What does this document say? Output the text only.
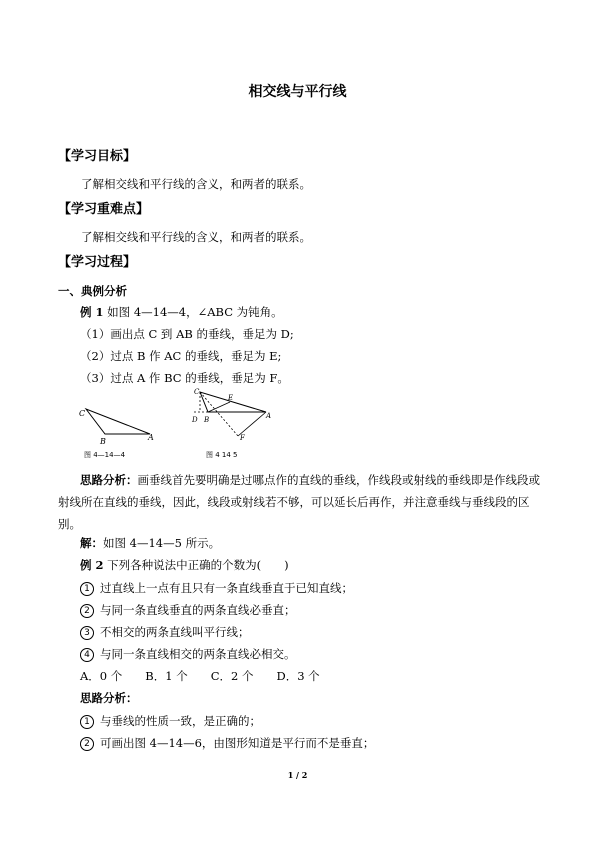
相交线与平行线
【学习目标】
了解相交线和平行线的含义，和两者的联系。
【学习重难点】
了解相交线和平行线的含义，和两者的联系。
【学习过程】
一、典例分析
例 1 如图 4—14—4，∠ABC 为钝角。
（1）画出点 C 到 AB 的垂线，垂足为 D;
（2）过点 B 作 AC 的垂线，垂足为 E;
（3）过点 A 作 BC 的垂线，垂足为 F。
C
B	A
图 4—14—4
C
E
A
D B
F
图 4 14 5
思路分析：画垂线首先要明确是过哪点作的直线的垂线，作线段或射线的垂线即是作线段或射线所在直线的垂线，因此，线段或射线若不够，可以延长后再作，并注意垂线与垂线段的区别。
解：如图 4—14—5 所示。
例 2 下列各种说法中正确的个数为(　　)
1 过直线上一点有且只有一条直线垂直于已知直线；
2 与同一条直线垂直的两条直线必垂直；
3 不相交的两条直线叫平行线；
4 与同一条直线相交的两条直线必相交。
A．0 个　　B．1 个　　C．2 个　　D．3 个
思路分析：
1 与垂线的性质一致，是正确的；
2 可画出图 4—14—6，由图形知道是平行而不是垂直；
1 / 2
